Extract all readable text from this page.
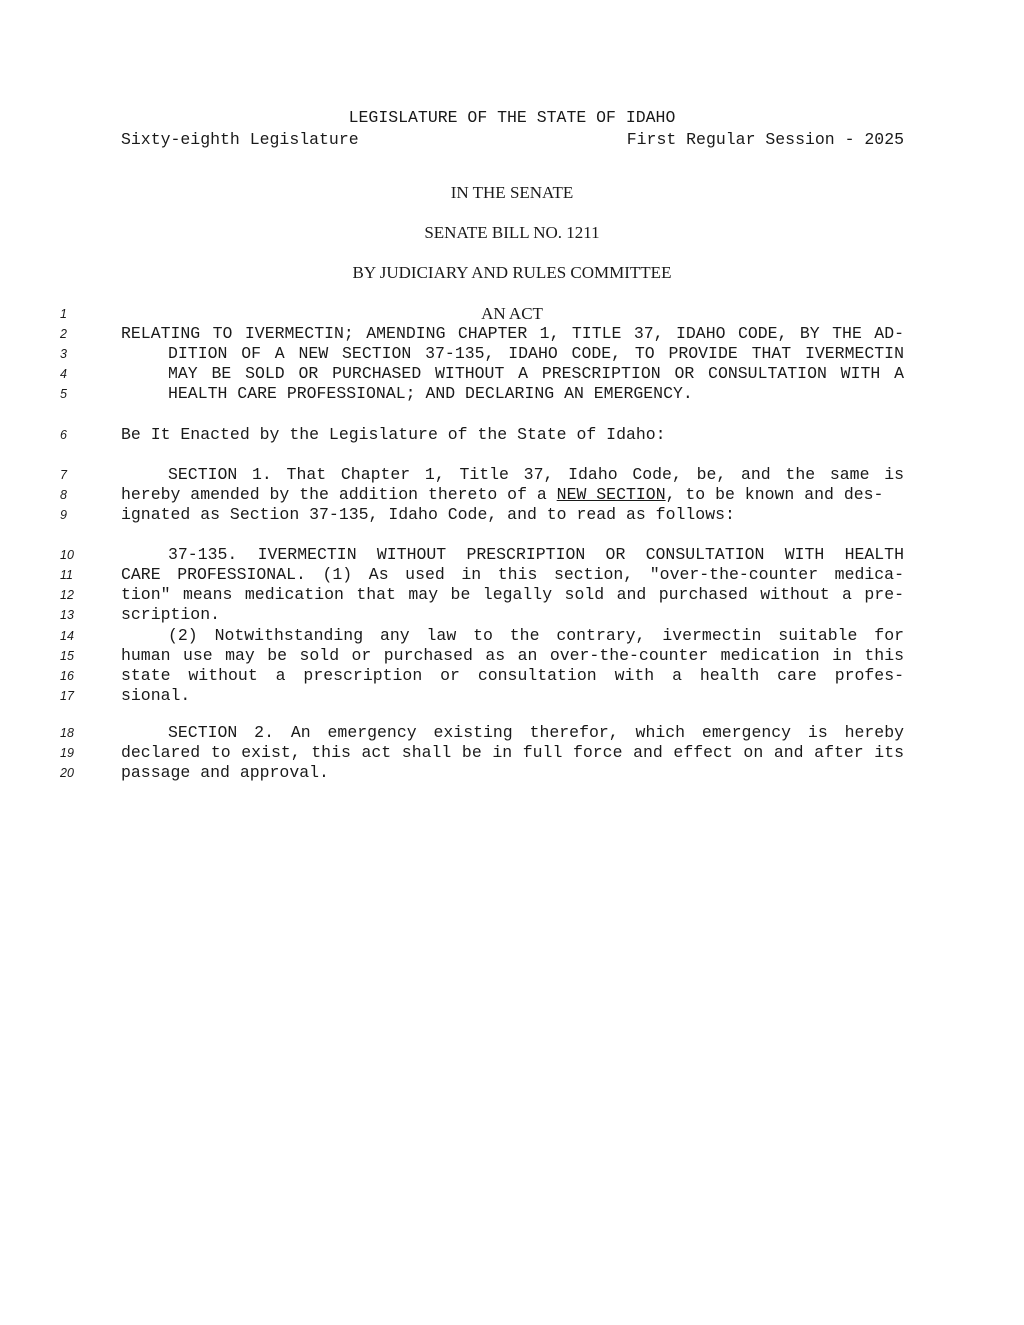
LEGISLATURE OF THE STATE OF IDAHO
Sixty-eighth Legislature	First Regular Session - 2025
IN THE SENATE
SENATE BILL NO. 1211
BY JUDICIARY AND RULES COMMITTEE
1	AN ACT
2	RELATING TO IVERMECTIN; AMENDING CHAPTER 1, TITLE 37, IDAHO CODE, BY THE AD-
3	DITION OF A NEW SECTION 37-135, IDAHO CODE, TO PROVIDE THAT IVERMECTIN
4	MAY BE SOLD OR PURCHASED WITHOUT A PRESCRIPTION OR CONSULTATION WITH A
5	HEALTH CARE PROFESSIONAL; AND DECLARING AN EMERGENCY.
6	Be It Enacted by the Legislature of the State of Idaho:
7	SECTION 1. That Chapter 1, Title 37, Idaho Code, be, and the same is
8	hereby amended by the addition thereto of a NEW SECTION, to be known and des-
9	ignated as Section 37-135, Idaho Code, and to read as follows:
10	37-135. IVERMECTIN WITHOUT PRESCRIPTION OR CONSULTATION WITH HEALTH
11	CARE PROFESSIONAL. (1) As used in this section, "over-the-counter medica-
12	tion" means medication that may be legally sold and purchased without a pre-
13	scription.
14	(2) Notwithstanding any law to the contrary, ivermectin suitable for
15	human use may be sold or purchased as an over-the-counter medication in this
16	state without a prescription or consultation with a health care profes-
17	sional.
18	SECTION 2. An emergency existing therefor, which emergency is hereby
19	declared to exist, this act shall be in full force and effect on and after its
20	passage and approval.
